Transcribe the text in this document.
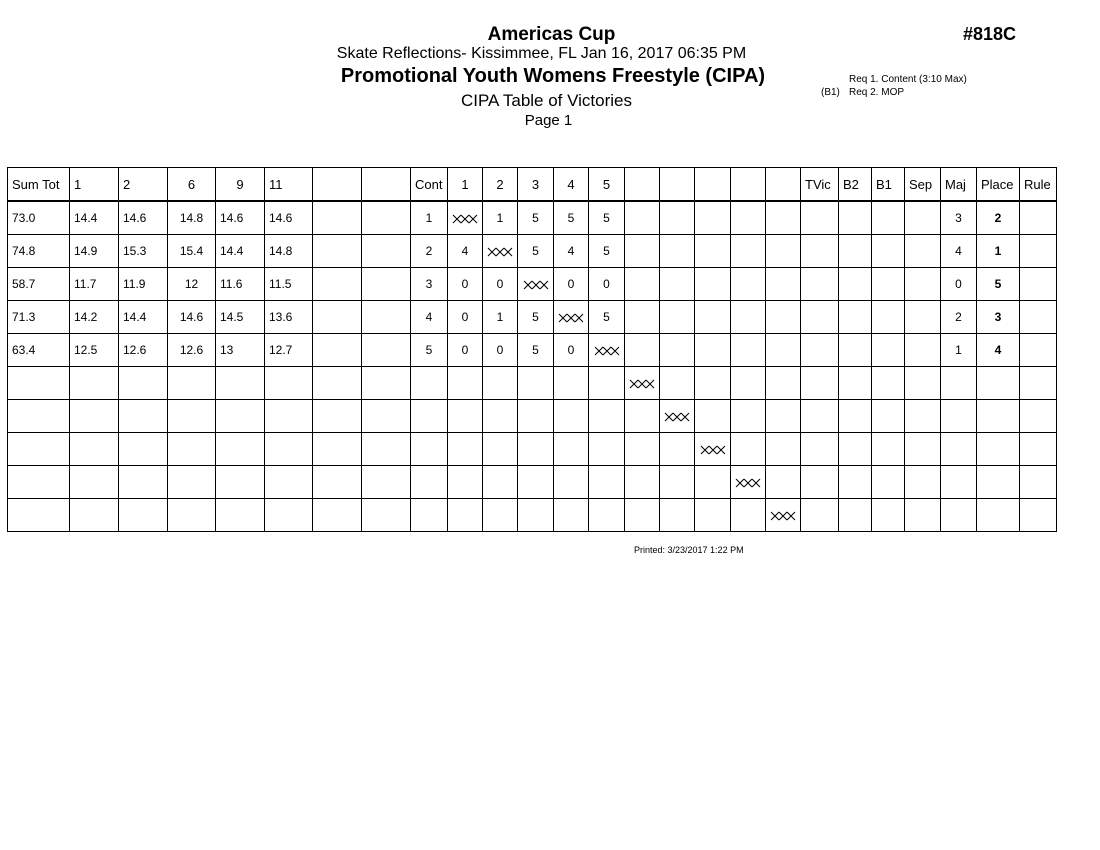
Americas Cup
Skate Reflections- Kissimmee, FL Jan 16, 2017 06:35 PM
Promotional Youth Womens Freestyle (CIPA)
CIPA Table of Victories
Page 1
#818C
Req 1. Content (3:10 Max)
(B1) Req 2. MOP
Sum Tot	1	2	6	9	11			Cont	1	2	3	4	5						TVic	B2	B1	Sep	Maj	Place	Rule
73.0	14.4	14.6	14.8	14.6	14.6			1		1	5	5	5										3	2	
74.8	14.9	15.3	15.4	14.4	14.8			2	4		5	4	5										4	1	
58.7	11.7	11.9	12	11.6	11.5			3	0	0		0	0										0	5	
71.3	14.2	14.4	14.6	14.5	13.6			4	0	1	5		5										2	3	
63.4	12.5	12.6	12.6	13	12.7			5	0	0	5	0											1	4	

Printed: 3/23/2017 1:22 PM
